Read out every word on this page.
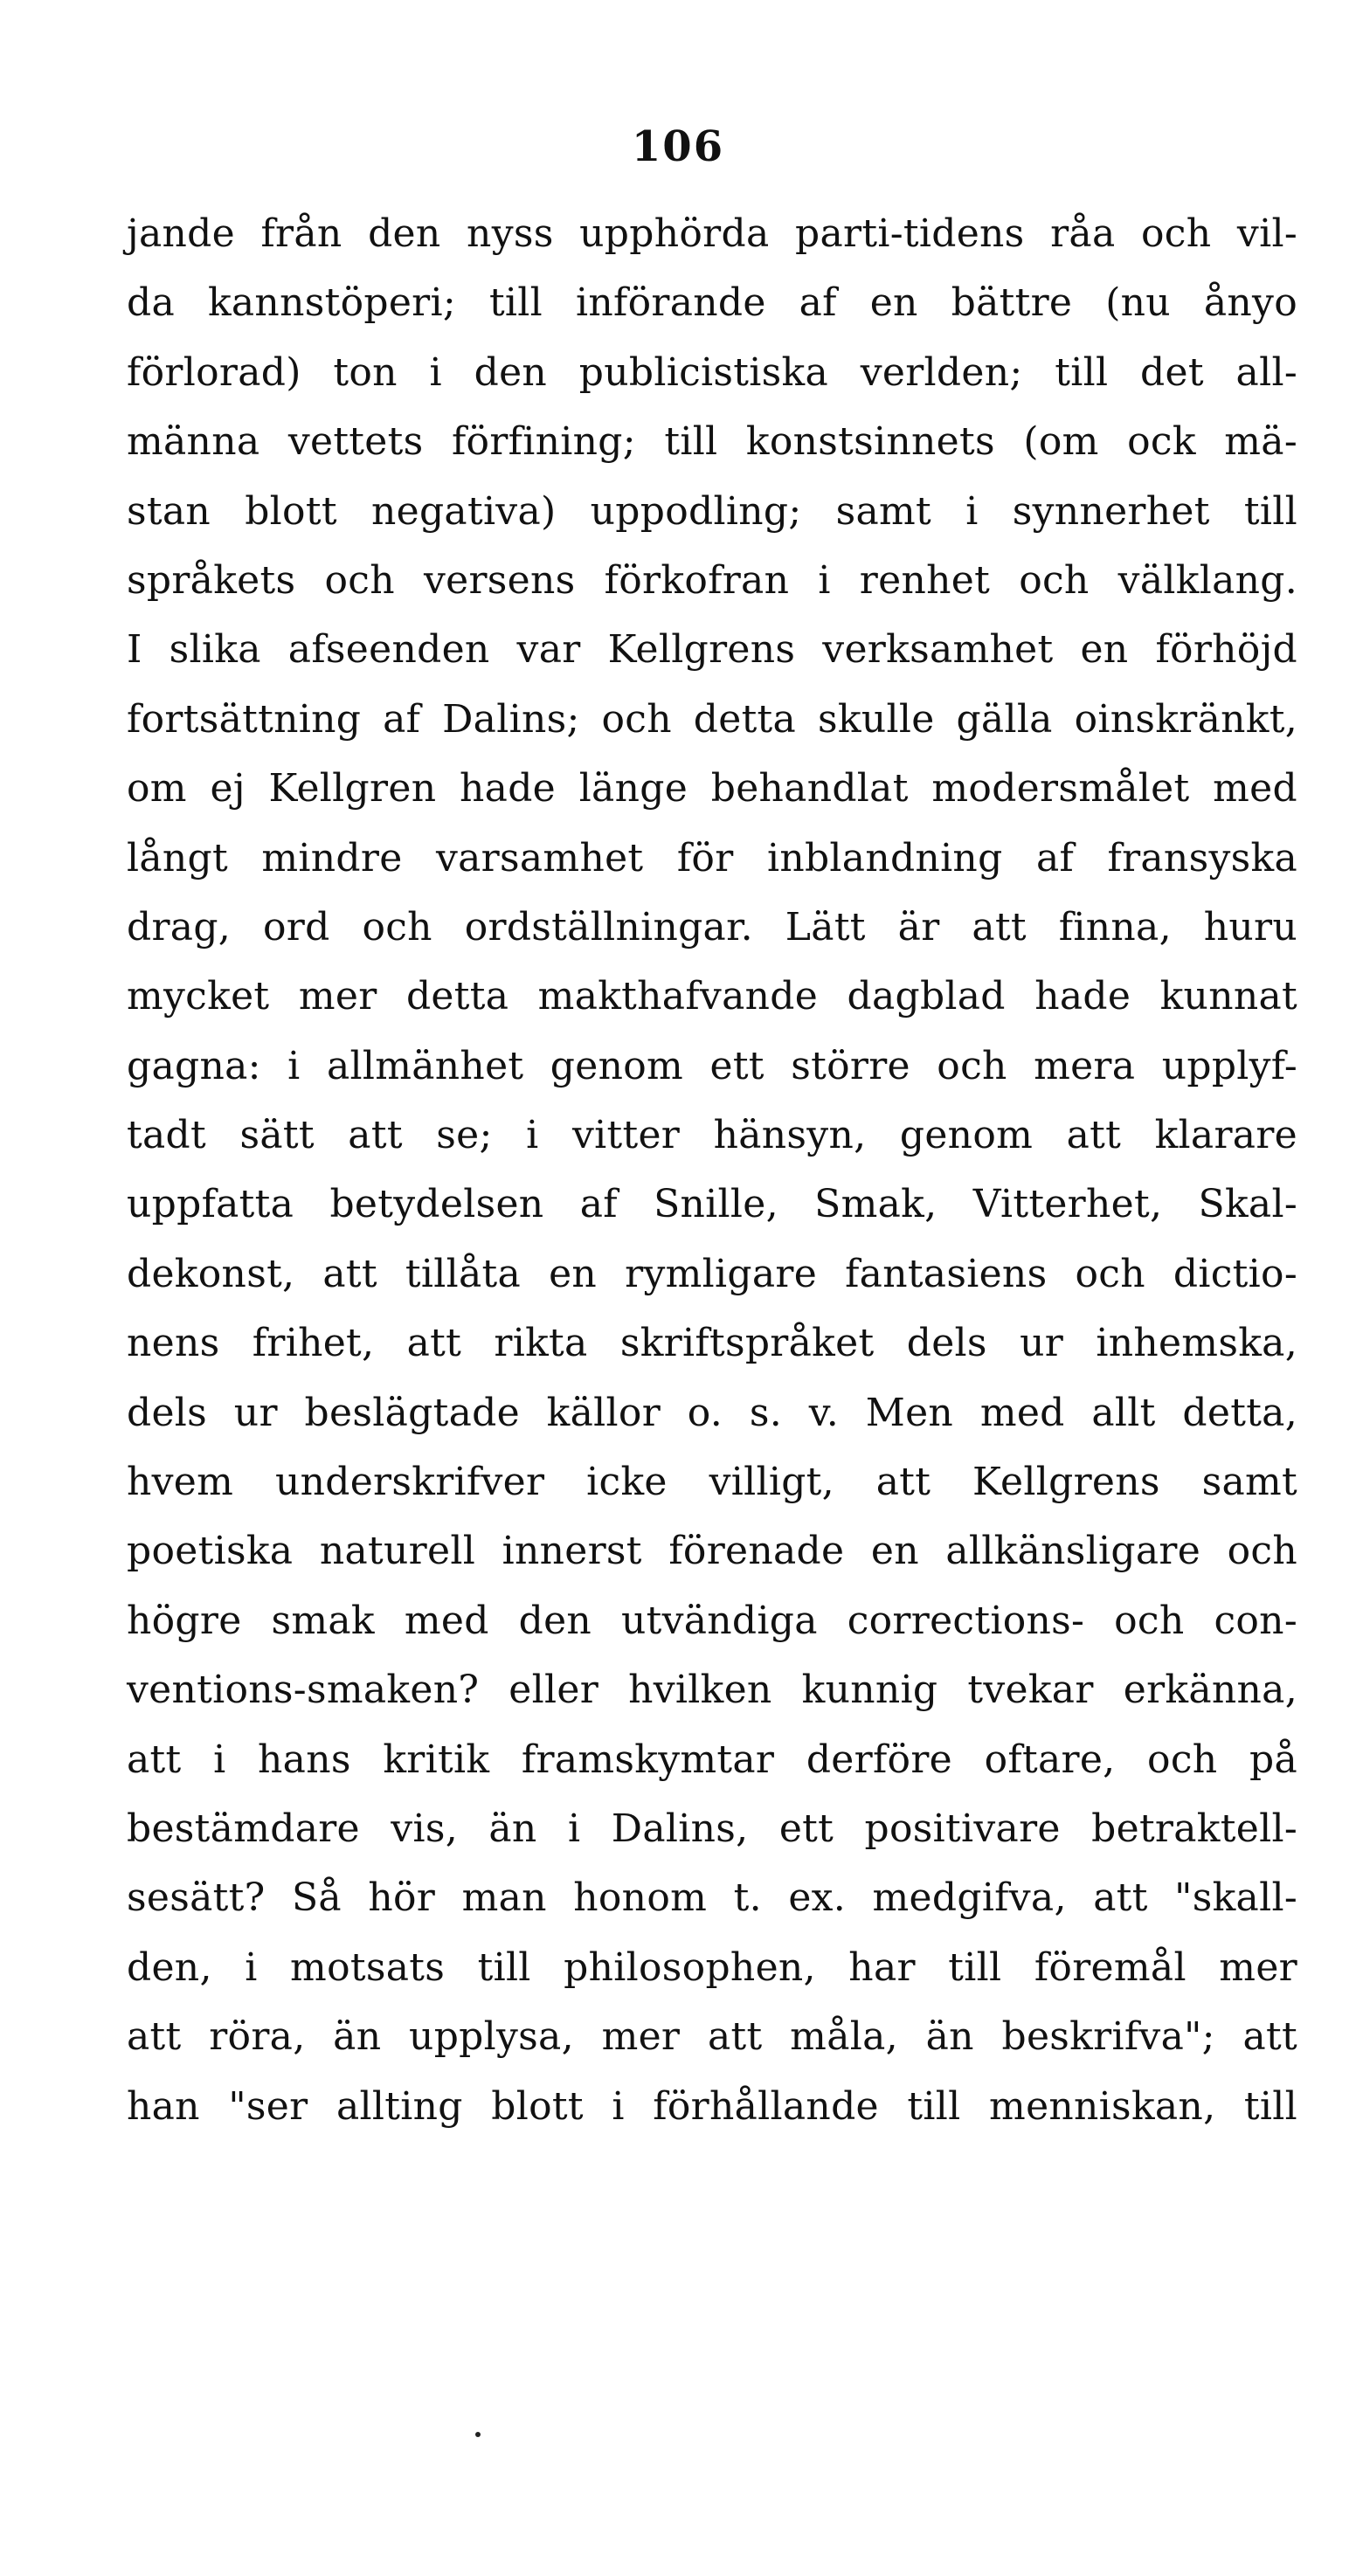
106
jande från den nyss upphörda parti-tidens råa och vil-
da kannstöperi; till införande af en bättre (nu ånyo
förlorad) ton i den publicistiska verlden; till det all-
männa vettets förfining; till konstsinnets (om ock mä-
stan blott negativa) uppodling; samt i synnerhet till
språkets och versens förkofran i renhet och välklang.
I slika afseenden var Kellgrens verksamhet en förhöjd
fortsättning af Dalins; och detta skulle gälla oinskränkt,
om ej Kellgren hade länge behandlat modersmålet med
långt mindre varsamhet för inblandning af fransyska
drag, ord och ordställningar. Lätt är att finna, huru
mycket mer detta makthafvande dagblad hade kunnat
gagna: i allmänhet genom ett större och mera upplyf-
tadt sätt att se; i vitter hänsyn, genom att klarare
uppfatta betydelsen af Snille, Smak, Vitterhet, Skal-
dekonst, att tillåta en rymligare fantasiens och dictio-
nens frihet, att rikta skriftspråket dels ur inhemska,
dels ur beslägtade källor o. s. v. Men med allt detta,
hvem underskrifver icke villigt, att Kellgrens samt
poetiska naturell innerst förenade en allkänsligare och
högre smak med den utvändiga corrections- och con-
ventions-smaken? eller hvilken kunnig tvekar erkänna,
att i hans kritik framskymtar derföre oftare, och på
bestämdare vis, än i Dalins, ett positivare betraktell-
sesätt? Så hör man honom t. ex. medgifva, att "skall-
den, i motsats till philosophen, har till föremål mer
att röra, än upplysa, mer att måla, än beskrifva"; att
han "ser allting blott i förhållande till menniskan, till
